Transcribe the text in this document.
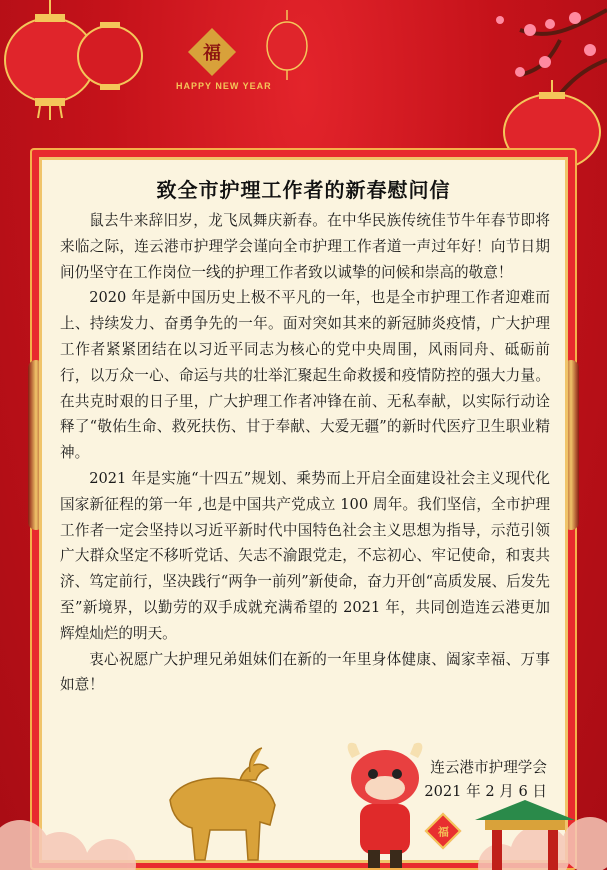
福
HAPPY NEW YEAR
致全市护理工作者的新春慰问信

鼠去牛来辞旧岁，龙飞凤舞庆新春。在中华民族传统佳节牛年春节即将来临之际，连云港市护理学会谨向全市护理工作者道一声过年好！向节日期间仍坚守在工作岗位一线的护理工作者致以诚挚的问候和崇高的敬意！

2020 年是新中国历史上极不平凡的一年，也是全市护理工作者迎难而上、持续发力、奋勇争先的一年。面对突如其来的新冠肺炎疫情，广大护理工作者紧紧团结在以习近平同志为核心的党中央周围，风雨同舟、砥砺前行，以万众一心、命运与共的壮举汇聚起生命救援和疫情防控的强大力量。在共克时艰的日子里，广大护理工作者冲锋在前、无私奉献，以实际行动诠释了“敬佑生命、救死扶伤、甘于奉献、大爱无疆”的新时代医疗卫生职业精神。

2021 年是实施“十四五”规划、乘势而上开启全面建设社会主义现代化国家新征程的第一年 ,也是中国共产党成立 100 周年。我们坚信，全市护理工作者一定会坚持以习近平新时代中国特色社会主义思想为指导，示范引领广大群众坚定不移听党话、矢志不渝跟党走，不忘初心、牢记使命，和衷共济、笃定前行，坚决践行“两争一前列”新使命，奋力开创“高质发展、后发先至”新境界，以勤劳的双手成就充满希望的 2021 年，共同创造连云港更加辉煌灿烂的明天。

衷心祝愿广大护理兄弟姐妹们在新的一年里身体健康、阖家幸福、万事如意！

福
连云港市护理学会
2021 年 2 月 6 日
